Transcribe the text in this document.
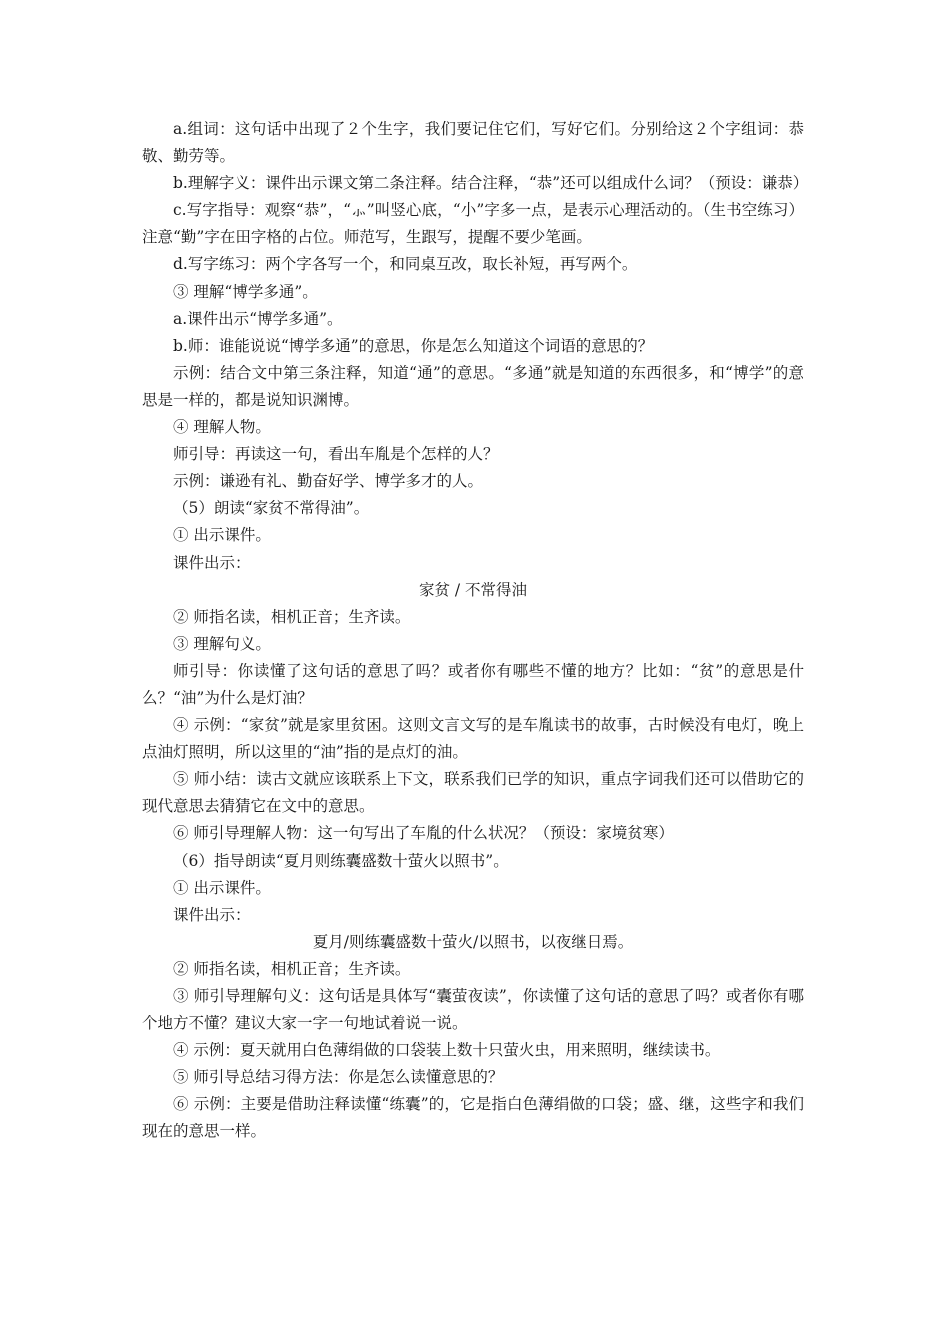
a.组词：这句话中出现了２个生字，我们要记住它们，写好它们。分别给这２个字组词：恭敬、勤劳等。

b.理解字义：课件出示课文第二条注释。结合注释，“恭”还可以组成什么词？（预设：谦恭）

c.写字指导：观察“恭”，“⺗”叫竖心底，“小”字多一点，是表示心理活动的。（生书空练习）注意“勤”字在田字格的占位。师范写，生跟写，提醒不要少笔画。

d.写字练习：两个字各写一个，和同桌互改，取长补短，再写两个。

③ 理解“博学多通”。

a.课件出示“博学多通”。

b.师：谁能说说“博学多通”的意思，你是怎么知道这个词语的意思的？

示例：结合文中第三条注释，知道“通”的意思。“多通”就是知道的东西很多，和“博学”的意思是一样的，都是说知识渊博。

④ 理解人物。

师引导：再读这一句，看出车胤是个怎样的人？

示例：谦逊有礼、勤奋好学、博学多才的人。

（5）朗读“家贫不常得油”。

① 出示课件。

课件出示：

家贫 / 不常得油

② 师指名读，相机正音；生齐读。

③ 理解句义。

师引导：你读懂了这句话的意思了吗？或者你有哪些不懂的地方？比如：“贫”的意思是什么？“油”为什么是灯油？

④ 示例：“家贫”就是家里贫困。这则文言文写的是车胤读书的故事，古时候没有电灯，晚上点油灯照明，所以这里的“油”指的是点灯的油。

⑤ 师小结：读古文就应该联系上下文，联系我们已学的知识，重点字词我们还可以借助它的现代意思去猜猜它在文中的意思。

⑥ 师引导理解人物：这一句写出了车胤的什么状况？（预设：家境贫寒）

（6）指导朗读“夏月则练囊盛数十萤火以照书”。

① 出示课件。

课件出示：

夏月/则练囊盛数十萤火/以照书，以夜继日焉。

② 师指名读，相机正音；生齐读。

③ 师引导理解句义：这句话是具体写“囊萤夜读”，你读懂了这句话的意思了吗？或者你有哪个地方不懂？建议大家一字一句地试着说一说。

④ 示例：夏天就用白色薄绢做的口袋装上数十只萤火虫，用来照明，继续读书。

⑤ 师引导总结习得方法：你是怎么读懂意思的？

⑥ 示例：主要是借助注释读懂“练囊”的，它是指白色薄绢做的口袋；盛、继，这些字和我们现在的意思一样。
